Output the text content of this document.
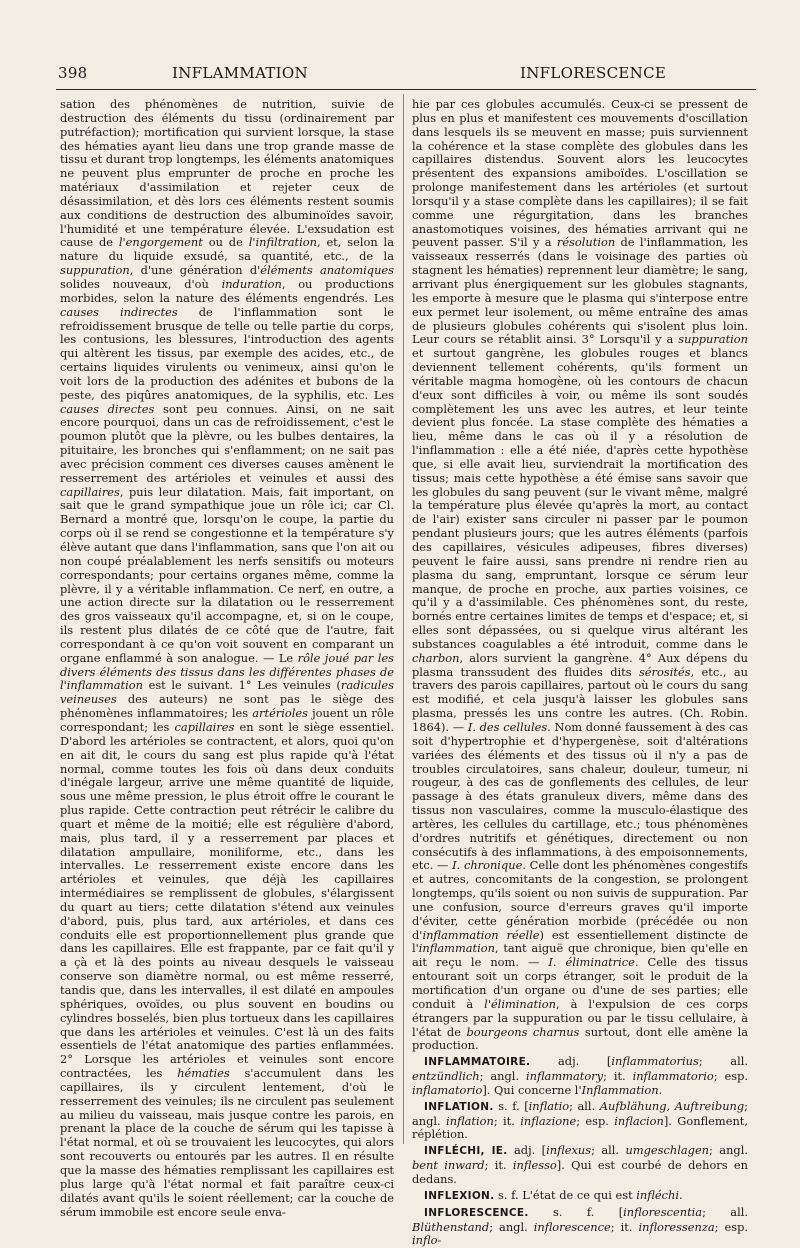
398	INFLAMMATION	INFLORESCENCE

sation des phénomènes de nutrition, suivie de destruction des éléments du tissu (ordinairement par putréfaction); mortification qui survient lorsque, la stase des hématies ayant lieu dans une trop grande masse de tissu et durant trop longtemps, les éléments anatomiques ne peuvent plus emprunter de proche en proche les matériaux d'assimilation et rejeter ceux de désassimilation, et dès lors ces éléments restent soumis aux conditions de destruction des albuminoïdes savoir, l'humidité et une température élevée. L'exsudation est cause de l'engorgement ou de l'infiltration, et, selon la nature du liquide exsudé, sa quantité, etc., de la suppuration, d'une génération d'éléments anatomiques solides nouveaux, d'où induration, ou productions morbides, selon la nature des éléments engendrés. Les causes indirectes de l'inflammation sont le refroidissement brusque de telle ou telle partie du corps, les contusions, les blessures, l'introduction des agents qui altèrent les tissus, par exemple des acides, etc., de certains liquides virulents ou venimeux, ainsi qu'on le voit lors de la production des adénites et bubons de la peste, des piqûres anatomiques, de la syphilis, etc. Les causes directes sont peu connues. Ainsi, on ne sait encore pourquoi, dans un cas de refroidissement, c'est le poumon plutôt que la plèvre, ou les bulbes dentaires, la pituitaire, les bronches qui s'enflamment; on ne sait pas avec précision comment ces diverses causes amènent le resserrement des artérioles et veinules et aussi des capillaires, puis leur dilatation. Mais, fait important, on sait que le grand sympathique joue un rôle ici; car Cl. Bernard a montré que, lorsqu'on le coupe, la partie du corps où il se rend se congestionne et la température s'y élève autant que dans l'inflammation, sans que l'on ait ou non coupé préalablement les nerfs sensitifs ou moteurs correspondants; pour certains organes même, comme la plèvre, il y a véritable inflammation. Ce nerf, en outre, a une action directe sur la dilatation ou le resserrement des gros vaisseaux qu'il accompagne, et, si on le coupe, ils restent plus dilatés de ce côté que de l'autre, fait correspondant à ce qu'on voit souvent en comparant un organe enflammé à son analogue. — Le rôle joué par les divers éléments des tissus dans les différentes phases de l'inflammation est le suivant. 1° Les veinules (radicules veineuses des auteurs) ne sont pas le siège des phénomènes inflammatoires; les artérioles jouent un rôle correspondant; les capillaires en sont le siège essentiel. D'abord les artérioles se contractent, et alors, quoi qu'on en ait dit, le cours du sang est plus rapide qu'à l'état normal, comme toutes les fois où dans deux conduits d'inégale largeur, arrive une même quantité de liquide, sous une même pression, le plus étroit offre le courant le plus rapide. Cette contraction peut rétrécir le calibre du quart et même de la moitié; elle est régulière d'abord, mais, plus tard, il y a resserrement par places et dilatation ampullaire, moniliforme, etc., dans les intervalles. Le resserrement existe encore dans les artérioles et veinules, que déjà les capillaires intermédiaires se remplissent de globules, s'élargissent du quart au tiers; cette dilatation s'étend aux veinules d'abord, puis, plus tard, aux artérioles, et dans ces conduits elle est proportionnellement plus grande que dans les capillaires. Elle est frappante, par ce fait qu'il y a çà et là des points au niveau desquels le vaisseau conserve son diamètre normal, ou est même resserré, tandis que, dans les intervalles, il est dilaté en ampoules sphériques, ovoïdes, ou plus souvent en boudins ou cylindres bosselés, bien plus tortueux dans les capillaires que dans les artérioles et veinules. C'est là un des faits essentiels de l'état anatomique des parties enflammées. 2° Lorsque les artérioles et veinules sont encore contractées, les hématies s'accumulent dans les capillaires, ils y circulent lentement, d'où le resserrement des veinules; ils ne circulent pas seulement au milieu du vaisseau, mais jusque contre les parois, en prenant la place de la couche de sérum qui les tapisse à l'état normal, et où se trouvaient les leucocytes, qui alors sont recouverts ou entourés par les autres. Il en résulte que la masse des hématies remplissant les capillaires est plus large qu'à l'état normal et fait paraître ceux-ci dilatés avant qu'ils le soient réellement; car la couche de sérum immobile est encore seule enva-

hie par ces globules accumulés. Ceux-ci se pressent de plus en plus et manifestent ces mouvements d'oscillation dans lesquels ils se meuvent en masse; puis surviennent la cohérence et la stase complète des globules dans les capillaires distendus. Souvent alors les leucocytes présentent des expansions amiboïdes. L'oscillation se prolonge manifestement dans les artérioles (et surtout lorsqu'il y a stase complète dans les capillaires); il se fait comme une régurgitation, dans les branches anastomotiques voisines, des hématies arrivant qui ne peuvent passer. S'il y a résolution de l'inflammation, les vaisseaux resserrés (dans le voisinage des parties où stagnent les hématies) reprennent leur diamètre; le sang, arrivant plus énergiquement sur les globules stagnants, les emporte à mesure que le plasma qui s'interpose entre eux permet leur isolement, ou même entraîne des amas de plusieurs globules cohérents qui s'isolent plus loin. Leur cours se rétablit ainsi. 3° Lorsqu'il y a suppuration et surtout gangrène, les globules rouges et blancs deviennent tellement cohérents, qu'ils forment un véritable magma homogène, où les contours de chacun d'eux sont difficiles à voir, ou même ils sont soudés complètement les uns avec les autres, et leur teinte devient plus foncée. La stase complète des hématies a lieu, même dans le cas où il y a résolution de l'inflammation : elle a été niée, d'après cette hypothèse que, si elle avait lieu, surviendrait la mortification des tissus; mais cette hypothèse a été émise sans savoir que les globules du sang peuvent (sur le vivant même, malgré la température plus élevée qu'après la mort, au contact de l'air) exister sans circuler ni passer par le poumon pendant plusieurs jours; que les autres éléments (parfois des capillaires, vésicules adipeuses, fibres diverses) peuvent le faire aussi, sans prendre ni rendre rien au plasma du sang, empruntant, lorsque ce sérum leur manque, de proche en proche, aux parties voisines, ce qu'il y a d'assimilable. Ces phénomènes sont, du reste, bornés entre certaines limites de temps et d'espace; et, si elles sont dépassées, ou si quelque virus altérant les substances coagulables a été introduit, comme dans le charbon, alors survient la gangrène. 4° Aux dépens du plasma transsudent des fluides dits sérosités, etc., au travers des parois capillaires, partout où le cours du sang est modifié, et cela jusqu'à laisser les globules sans plasma, pressés les uns contre les autres. (Ch. Robin. 1864). — I. des cellules. Nom donné faussement à des cas soit d'hypertrophie et d'hypergenèse, soit d'altérations variées des éléments et des tissus où il n'y a pas de troubles circulatoires, sans chaleur, douleur, tumeur, ni rougeur, à des cas de gonflements des cellules, de leur passage à des états granuleux divers, même dans des tissus non vasculaires, comme la musculo-élastique des artères, les cellules du cartillage, etc.; tous phénomènes d'ordres nutritifs et génétiques, directement ou non consécutifs à des inflammations, à des empoisonnements, etc. — I. chronique. Celle dont les phénomènes congestifs et autres, concomitants de la congestion, se prolongent longtemps, qu'ils soient ou non suivis de suppuration. Par une confusion, source d'erreurs graves qu'il importe d'éviter, cette génération morbide (précédée ou non d'inflammation réelle) est essentiellement distincte de l'inflammation, tant aiguë que chronique, bien qu'elle en ait reçu le nom. — I. éliminatrice. Celle des tissus entourant soit un corps étranger, soit le produit de la mortification d'un organe ou d'une de ses parties; elle conduit à l'élimination, à l'expulsion de ces corps étrangers par la suppuration ou par le tissu cellulaire, à l'état de bourgeons charnus surtout, dont elle amène la production.

INFLAMMATOIRE. adj. [inflammatorius; all. entzündlich; angl. inflammatory; it. inflammatorio; esp. inflamatorio]. Qui concerne l'Inflammation.

INFLATION. s. f. [inflatio; all. Aufblähung, Auftreibung; angl. inflation; it. inflazione; esp. inflacion]. Gonflement, réplétion.

INFLÉCHI, IE. adj. [inflexus; all. umgeschlagen; angl. bent inward; it. inflesso]. Qui est courbé de dehors en dedans.

INFLEXION. s. f. L'état de ce qui est infléchi.

INFLORESCENCE. s. f. [inflorescentia; all. Blüthenstand; angl. inflorescence; it. infloressenza; esp. inflo-
